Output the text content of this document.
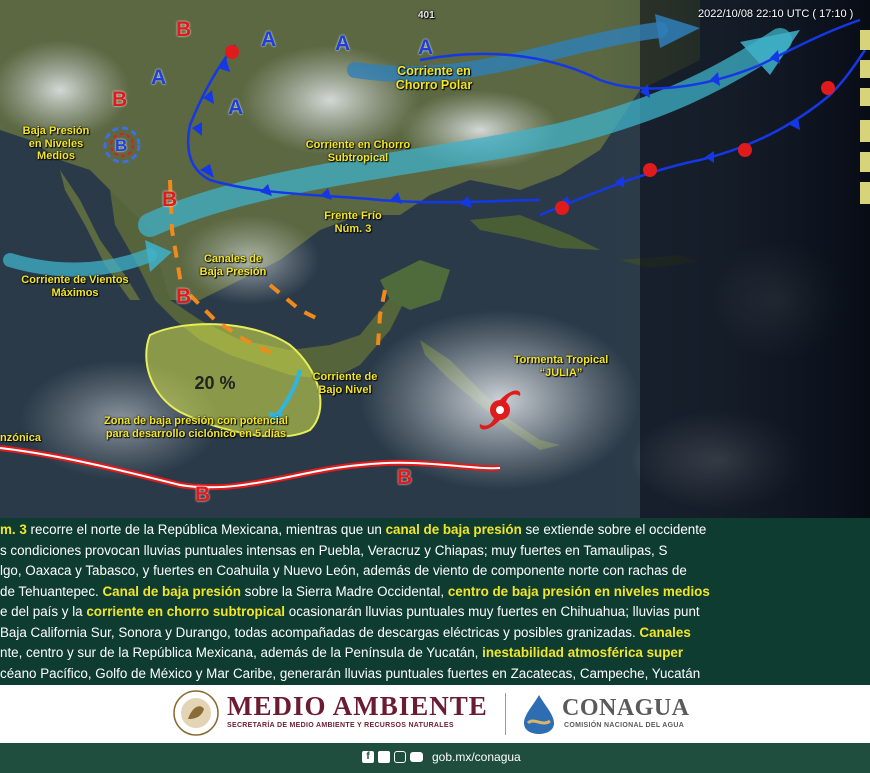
2022/10/08 22:10 UTC ( 17:10 )
401
B
B
B
B
B
B
A	A	A
A
A
B
Corriente en Chorro Polar
Corriente en Chorro Subtropical
Baja Presión en Niveles Medios
Frente Frío Núm. 3
Canales de Baja Presión
Corriente de Vientos Máximos
Corriente de Bajo Nivel
Tormenta Tropical “JULIA”
20 %
Zona de baja presión con potencial para desarrollo ciclónico en 5 días
nzónica
m. 3 recorre el norte de la República Mexicana, mientras que un canal de baja presión se extiende sobre el occidente
s condiciones provocan lluvias puntuales intensas en Puebla, Veracruz y Chiapas; muy fuertes en Tamaulipas, S
lgo, Oaxaca y Tabasco, y fuertes en Coahuila y Nuevo León, además de viento de componente norte con rachas de
de Tehuantepec. Canal de baja presión sobre la Sierra Madre Occidental, centro de baja presión en niveles medios
e del país y la corriente en chorro subtropical ocasionarán lluvias puntuales muy fuertes en Chihuahua; lluvias punt
Baja California Sur, Sonora y Durango, todas acompañadas de descargas eléctricas y posibles granizadas. Canales
nte, centro y sur de la República Mexicana, además de la Península de Yucatán, inestabilidad atmosférica super
céano Pacífico, Golfo de México y Mar Caribe, generarán lluvias puntuales fuertes en Zacatecas, Campeche, Yucatán
MEDIO AMBIENTE
SECRETARÍA DE MEDIO AMBIENTE Y RECURSOS NATURALES
CONAGUA
COMISIÓN NACIONAL DEL AGUA
f	gob.mx/conagua
